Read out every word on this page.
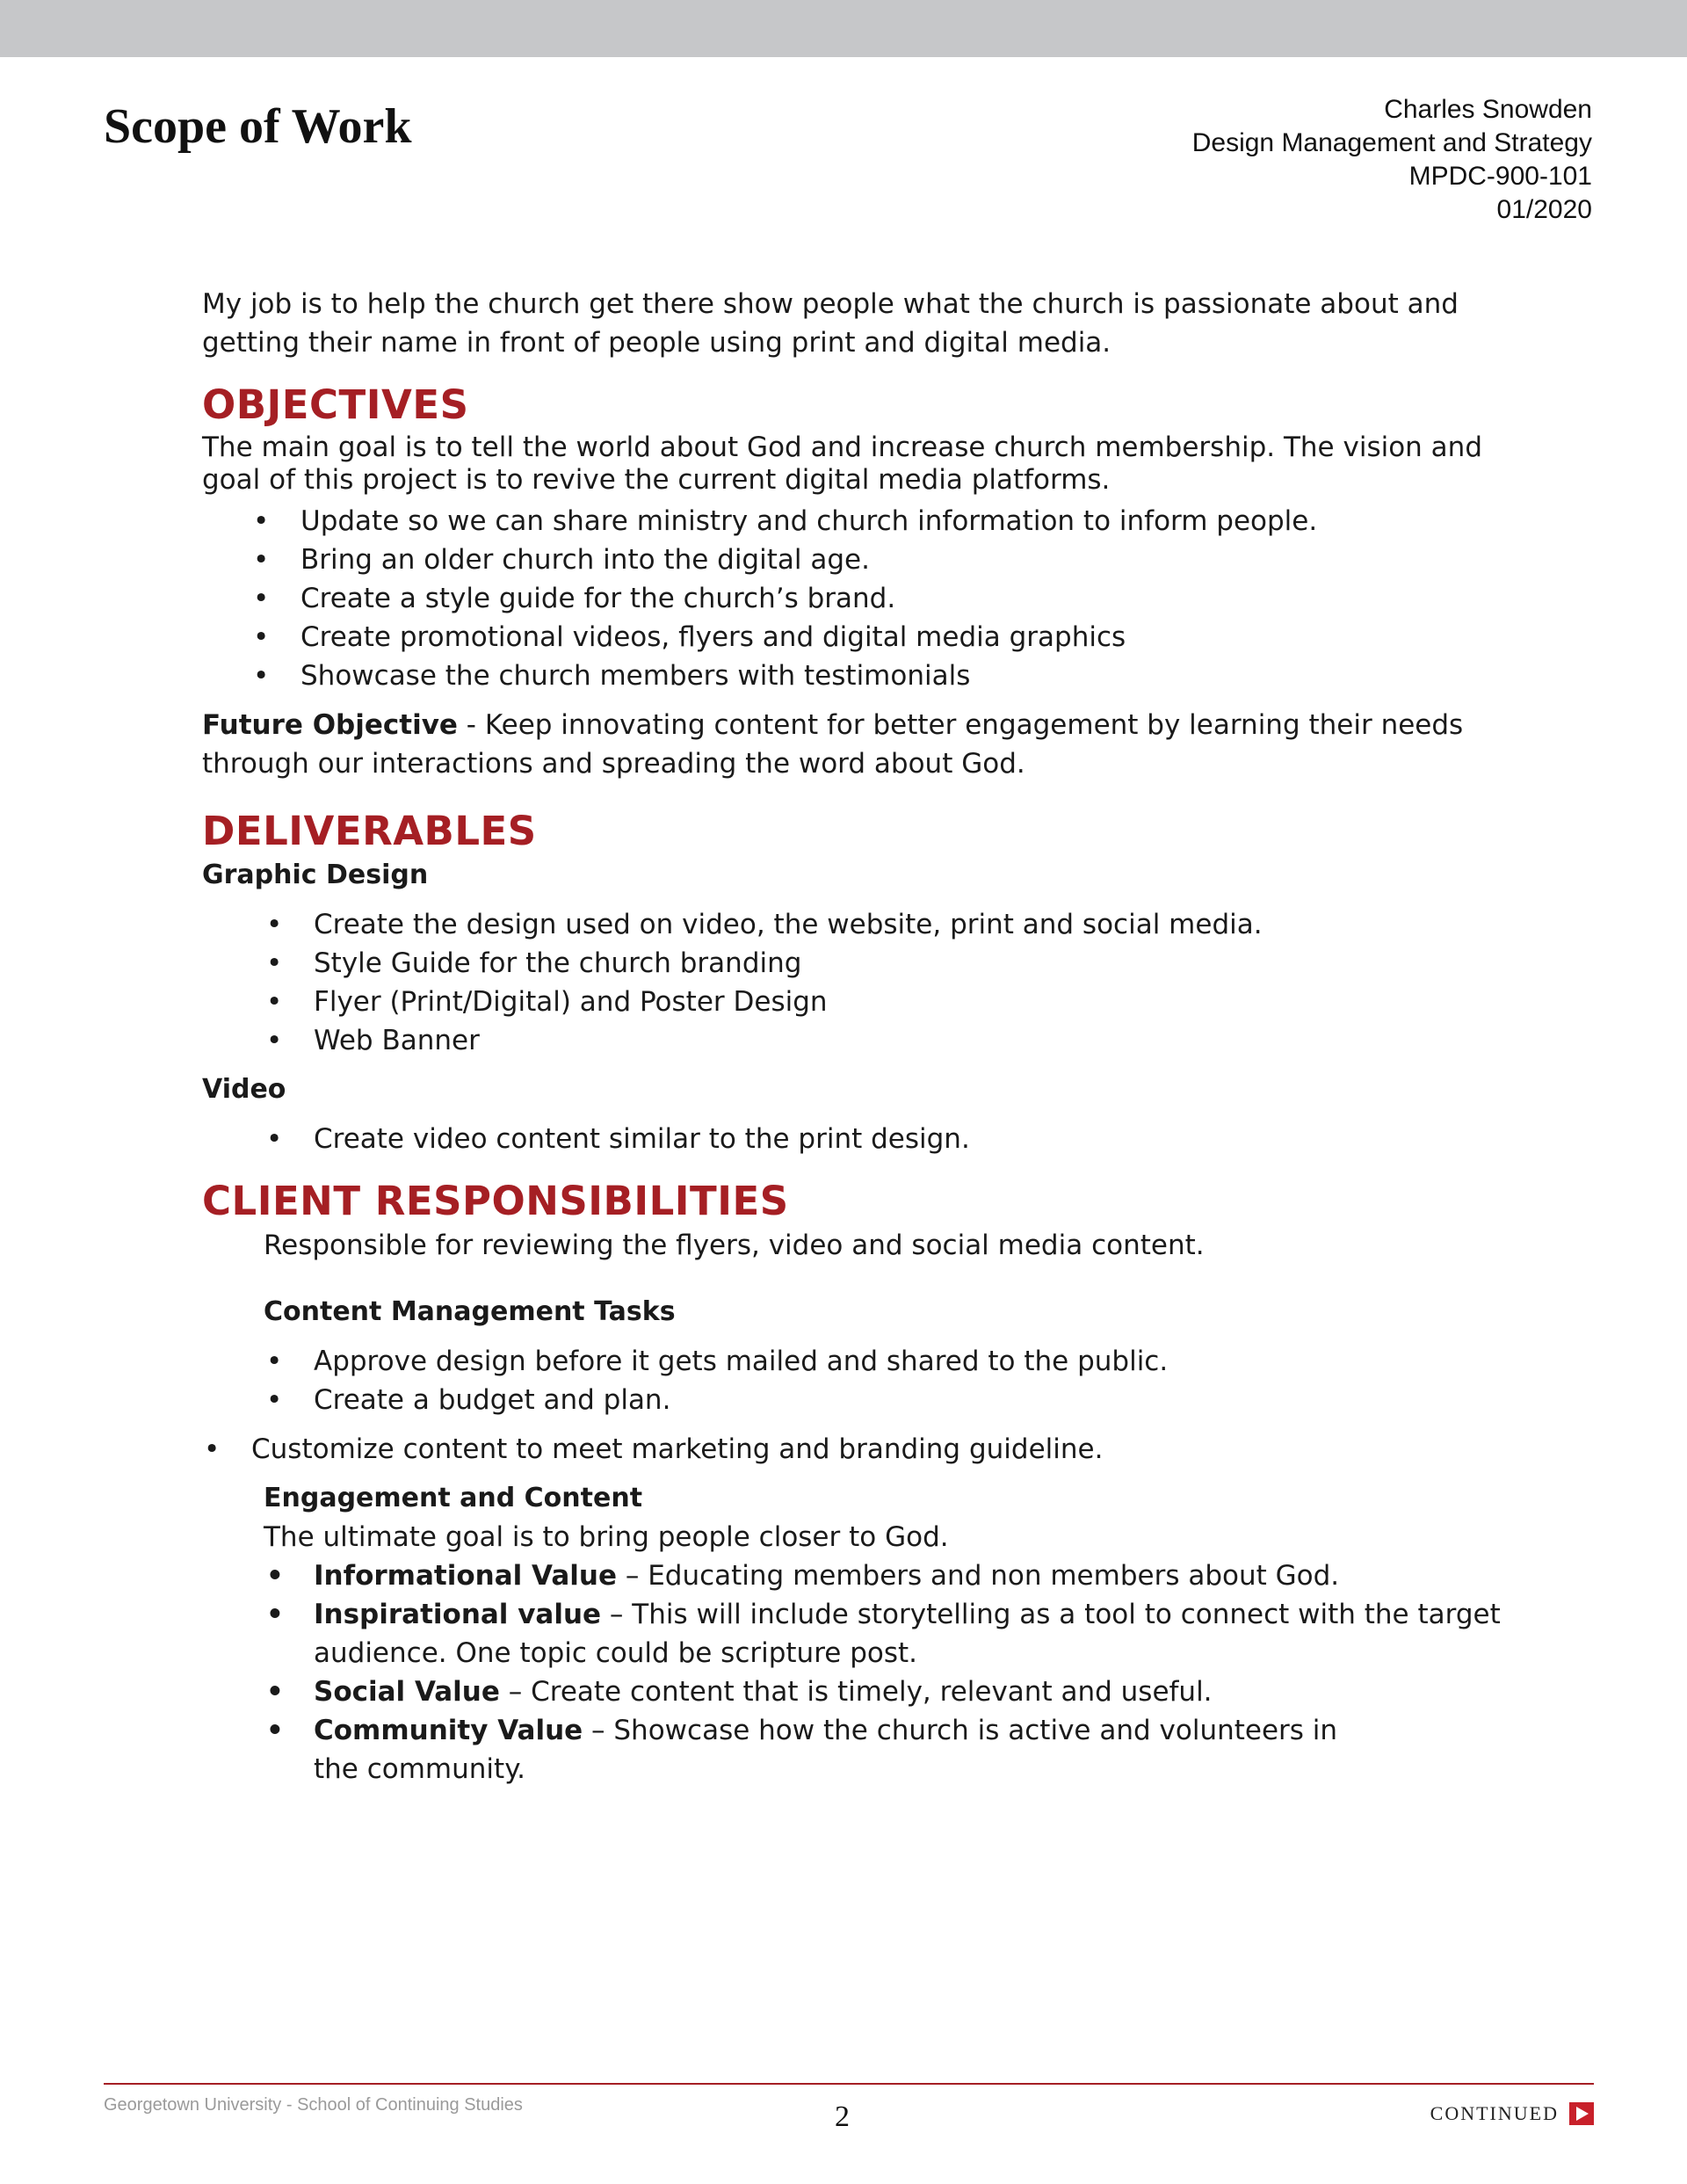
Scope of Work	Charles Snowden
Design Management and Strategy
MPDC-900-101
01/2020

My job is to help the church get there show people what the church is passionate about and getting their name in front of people using print and digital media.

OBJECTIVES

The main goal is to tell the world about God and increase church membership. The vision and goal of this project is to revive the current digital media platforms.

• Update so we can share ministry and church information to inform people.
• Bring an older church into the digital age.
• Create a style guide for the church’s brand.
• Create promotional videos, flyers and digital media graphics
• Showcase the church members with testimonials

Future Objective - Keep innovating content for better engagement by learning their needs through our interactions and spreading the word about God.

DELIVERABLES

Graphic Design

• Create the design used on video, the website, print and social media.
• Style Guide for the church branding
• Flyer (Print/Digital) and Poster Design
• Web Banner

Video

• Create video content similar to the print design.
CLIENT RESPONSIBILITIES

Responsible for reviewing the flyers, video and social media content.

Content Management Tasks

• Approve design before it gets mailed and shared to the public.
• Create a budget and plan.
• Customize content to meet marketing and branding guideline.

Engagement and Content

The ultimate goal is to bring people closer to God.

• Informational Value – Educating members and non members about God.
• Inspirational value – This will include storytelling as a tool to connect with the target
audience. One topic could be scripture post.
• Social Value – Create content that is timely, relevant and useful.
• Community Value – Showcase how the church is active and volunteers in
the community.
Georgetown University - School of Continuing Studies	2	CONTINUED
